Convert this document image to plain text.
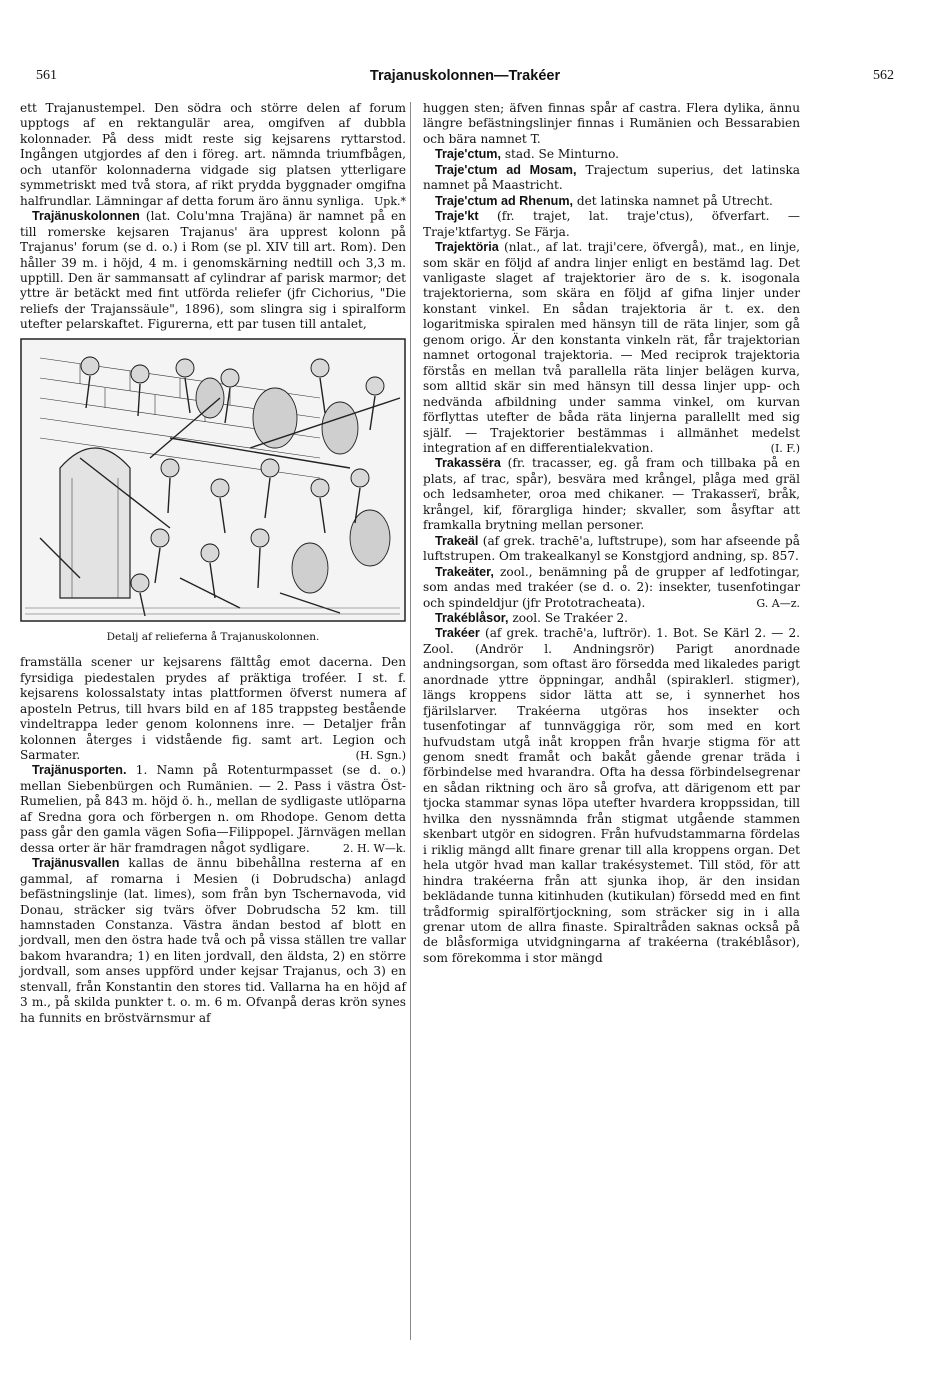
561	Trajanuskolonnen—Trakéer	562

ett Trajanustempel. Den södra och större delen af forum upptogs af en rektangulär area, omgifven af dubbla kolonnader. På dess midt reste sig kejsarens ryttarstod. Ingången utgjordes af den i föreg. art. nämnda triumfbågen, och utanför kolonnaderna vidgade sig platsen ytterligare symmetriskt med två stora, af rikt prydda byggnader omgifna halfrundlar. Lämningar af detta forum äro ännu synliga. Upk.*

Trajänuskolonnen (lat. Colu'mna Trajäna) är namnet på en till romerske kejsaren Trajanus' ära upprest kolonn på Trajanus' forum (se d. o.) i Rom (se pl. XIV till art. Rom). Den håller 39 m. i höjd, 4 m. i genomskärning nedtill och 3,3 m. upptill. Den är sammansatt af cylindrar af parisk marmor; det yttre är betäckt med fint utförda reliefer (jfr Cichorius, "Die reliefs der Trajanssäule", 1896), som slingra sig i spiralform utefter pelarskaftet. Figurerna, ett par tusen till antalet,

Detalj af relieferna å Trajanuskolonnen.

framställa scener ur kejsarens fälttåg emot dacerna. Den fyrsidiga piedestalen prydes af präktiga troféer. I st. f. kejsarens kolossalstaty intas plattformen öfverst numera af aposteln Petrus, till hvars bild en af 185 trappsteg bestående vindeltrappa leder genom kolonnens inre. — Detaljer från kolonnen återges i vidstående fig. samt art. Legion och Sarmater.	(H. Sgn.)

Trajänusporten. 1. Namn på Rotenturmpasset (se d. o.) mellan Siebenbürgen och Rumänien. — 2. Pass i västra Öst-Rumelien, på 843 m. höjd ö. h., mellan de sydligaste utlöparna af Sredna gora och förbergen n. om Rhodope. Genom detta pass går den gamla vägen Sofia—Filippopel. Järnvägen mellan dessa orter är här framdragen något sydligare.	2. H. W—k.

Trajänusvallen kallas de ännu bibehållna resterna af en gammal, af romarna i Mesien (i Dobrudscha) anlagd befästningslinje (lat. limes), som från byn Tschernavoda, vid Donau, sträcker sig tvärs öfver Dobrudscha 52 km. till hamnstaden Constanza. Västra ändan bestod af blott en jordvall, men den östra hade två och på vissa ställen tre vallar bakom hvarandra; 1) en liten jordvall, den äldsta, 2) en större jordvall, som anses uppförd under kejsar Trajanus, och 3) en stenvall, från Konstantin den stores tid. Vallarna ha en höjd af 3 m., på skilda punkter t. o. m. 6 m. Ofvanpå deras krön synes ha funnits en bröstvärnsmur af

huggen sten; äfven finnas spår af castra. Flera dylika, ännu längre befästningslinjer finnas i Rumänien och Bessarabien och bära namnet T.

Traje'ctum, stad. Se Minturno.

Traje'ctum ad Mosam, Trajectum superius, det latinska namnet på Maastricht.

Traje'ctum ad Rhenum, det latinska namnet på Utrecht.

Traje'kt (fr. trajet, lat. traje'ctus), öfverfart. — Traje'ktfartyg. Se Färja.

Trajektöria (nlat., af lat. traji'cere, öfvergå), mat., en linje, som skär en följd af andra linjer enligt en bestämd lag. Det vanligaste slaget af trajektorier äro de s. k. isogonala trajektorierna, som skära en följd af gifna linjer under konstant vinkel. En sådan trajektoria är t. ex. den logaritmiska spiralen med hänsyn till de räta linjer, som gå genom origo. Är den konstanta vinkeln rät, får trajektorian namnet ortogonal trajektoria. — Med reciprok trajektoria förstås en mellan två parallella räta linjer belägen kurva, som alltid skär sin med hänsyn till dessa linjer upp- och nedvända afbildning under samma vinkel, om kurvan förflyttas utefter de båda räta linjerna parallellt med sig själf. — Trajektorier bestämmas i allmänhet medelst integration af en differentialekvation.	(I. F.)

Trakassëra (fr. tracasser, eg. gå fram och tillbaka på en plats, af trac, spår), besvära med krångel, plåga med gräl och ledsamheter, oroa med chikaner. — Trakasserï, bråk, krångel, kif, förargliga hinder; skvaller, som åsyftar att framkalla brytning mellan personer.

Trakeäl (af grek. trachē'a, luftstrupe), som har afseende på luftstrupen. Om trakealkanyl se Konstgjord andning, sp. 857.

Trakeäter, zool., benämning på de grupper af ledfotingar, som andas med trakéer (se d. o. 2): insekter, tusenfotingar och spindeldjur (jfr Prototracheata).	G. A—z.

Trakéblåsor, zool. Se Trakéer 2.

Trakéer (af grek. trachē'a, luftrör). 1. Bot. Se Kärl 2. — 2. Zool. (Andrör l. Andningsrör) Parigt anordnade andningsorgan, som oftast äro försedda med likaledes parigt anordnade yttre öppningar, andhål (spiraklerl. stigmer), längs kroppens sidor lätta att se, i synnerhet hos fjärilslarver. Trakéerna utgöras hos insekter och tusenfotingar af tunnväggiga rör, som med en kort hufvudstam utgå inåt kroppen från hvarje stigma för att genom snedt framåt och bakåt gående grenar träda i förbindelse med hvarandra. Ofta ha dessa förbindelsegrenar en sådan riktning och äro så grofva, att därigenom ett par tjocka stammar synas löpa utefter hvardera kroppssidan, till hvilka den nyssnämnda från stigmat utgående stammen skenbart utgör en sidogren. Från hufvudstammarna fördelas i riklig mängd allt finare grenar till alla kroppens organ. Det hela utgör hvad man kallar trakésystemet. Till stöd, för att hindra trakéerna från att sjunka ihop, är den insidan beklädande tunna kitinhuden (kutikulan) försedd med en fint trådformig spiralförtjockning, som sträcker sig in i alla grenar utom de allra finaste. Spiraltråden saknas också på de blåsformiga utvidgningarna af trakéerna (trakéblåsor), som förekomma i stor mängd
